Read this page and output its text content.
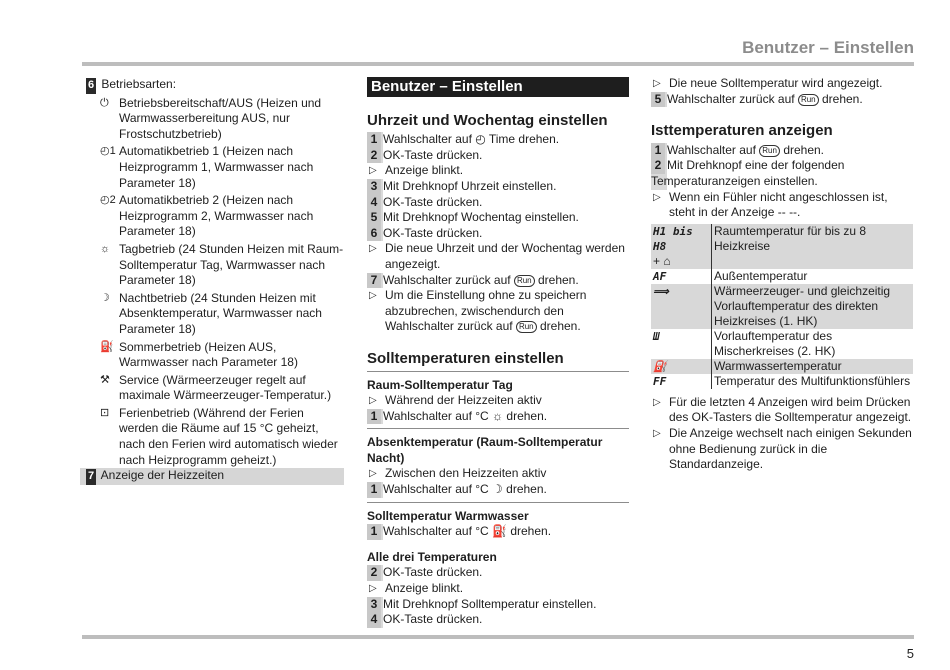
Benutzer – Einstellen
6 Betriebsarten:
⏻ Betriebsbereitschaft/AUS (Heizen und Warmwasserbereitung AUS, nur Frostschutzbetrieb)
◴1 Automatikbetrieb 1 (Heizen nach Heizprogramm 1, Warmwasser nach Parameter 18)
◴2 Automatikbetrieb 2 (Heizen nach Heizprogramm 2, Warmwasser nach Parameter 18)
☼ Tagbetrieb (24 Stunden Heizen mit Raum-Solltemperatur Tag, Warmwasser nach Parameter 18)
☽ Nachtbetrieb (24 Stunden Heizen mit Absenktemperatur, Warmwasser nach Parameter 18)
⛽ Sommerbetrieb (Heizen AUS, Warmwasser nach Parameter 18)
⚒ Service (Wärmeerzeuger regelt auf maximale Wärmeerzeuger-Temperatur.)
⊡ Ferienbetrieb (Während der Ferien werden die Räume auf 15 °C geheizt, nach den Ferien wird automatisch wieder nach Heizprogramm geheizt.)
7 Anzeige der Heizzeiten
Benutzer – Einstellen
Uhrzeit und Wochentag einstellen
1 Wahlschalter auf ◴ Time drehen.
2 OK-Taste drücken.
▷ Anzeige blinkt.
3 Mit Drehknopf Uhrzeit einstellen.
4 OK-Taste drücken.
5 Mit Drehknopf Wochentag einstellen.
6 OK-Taste drücken.
▷ Die neue Uhrzeit und der Wochentag werden angezeigt.
7 Wahlschalter zurück auf Run drehen.
▷ Um die Einstellung ohne zu speichern abzubrechen, zwischendurch den Wahlschalter zurück auf Run drehen.
Solltemperaturen einstellen
Raum-Solltemperatur Tag
▷ Während der Heizzeiten aktiv
1 Wahlschalter auf °C ☼ drehen.
Absenktemperatur (Raum-Solltemperatur Nacht)
▷ Zwischen den Heizzeiten aktiv
1 Wahlschalter auf °C ☽ drehen.
Solltemperatur Warmwasser
1 Wahlschalter auf °C ⛽ drehen.
Alle drei Temperaturen
2 OK-Taste drücken.
▷ Anzeige blinkt.
3 Mit Drehknopf Solltemperatur einstellen.
4 OK-Taste drücken.
▷ Die neue Solltemperatur wird angezeigt.
5 Wahlschalter zurück auf Run drehen.
Isttemperaturen anzeigen
1 Wahlschalter auf Run drehen.
2 Mit Drehknopf eine der folgenden Temperaturanzeigen einstellen.
▷ Wenn ein Fühler nicht angeschlossen ist, steht in der Anzeige -- --.
H1 bis H8
+ ⌂	Raumtemperatur für bis zu 8 Heizkreise
AF	Außentemperatur
⟹	Wärmeerzeuger- und gleichzeitig Vorlauftemperatur des direkten Heizkreises (1. HK)
Ш	Vorlauftemperatur des Mischerkreises (2. HK)
⛽	Warmwassertemperatur
FF	Temperatur des Multifunktionsfühlers

▷ Für die letzten 4 Anzeigen wird beim Drücken des OK-Tasters die Solltemperatur angezeigt.
▷ Die Anzeige wechselt nach einigen Sekunden ohne Bedienung zurück in die Standardanzeige.
5
